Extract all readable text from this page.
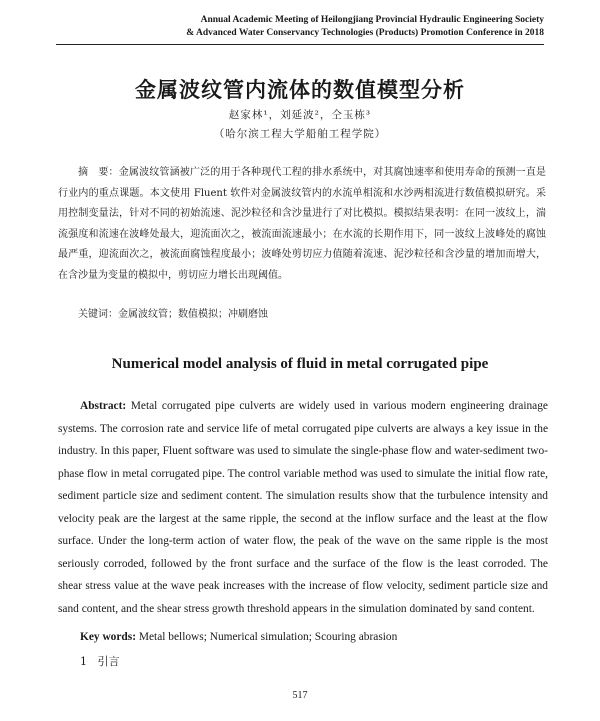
Annual Academic Meeting of Heilongjiang Provincial Hydraulic Engineering Society
& Advanced Water Conservancy Technologies (Products) Promotion Conference in 2018
金属波纹管内流体的数值模型分析
赵家林¹，刘延波²，仝玉栋³
（哈尔滨工程大学船舶工程学院）
摘　要：金属波纹管涵被广泛的用于各种现代工程的排水系统中，对其腐蚀速率和使用寿命的预测一直是行业内的重点课题。本文使用 Fluent 软件对金属波纹管内的水流单相流和水沙两相流进行数值模拟研究。采用控制变量法，针对不同的初始流速、泥沙粒径和含沙量进行了对比模拟。模拟结果表明：在同一波纹上，湍流强度和流速在波峰处最大，迎流面次之，被流面流速最小；在水流的长期作用下，同一波纹上波峰处的腐蚀最严重，迎流面次之，被流面腐蚀程度最小；波峰处剪切应力值随着流速、泥沙粒径和含沙量的增加而增大，在含沙量为变量的模拟中，剪切应力增长出现阈值。
关键词：金属波纹管；数值模拟；冲刷磨蚀
Numerical model analysis of fluid in metal corrugated pipe
Abstract: Metal corrugated pipe culverts are widely used in various modern engineering drainage systems. The corrosion rate and service life of metal corrugated pipe culverts are always a key issue in the industry. In this paper, Fluent software was used to simulate the single-phase flow and water-sediment two-phase flow in metal corrugated pipe. The control variable method was used to simulate the initial flow rate, sediment particle size and sediment content. The simulation results show that the turbulence intensity and velocity peak are the largest at the same ripple, the second at the inflow surface and the least at the flow surface. Under the long-term action of water flow, the peak of the wave on the same ripple is the most seriously corroded, followed by the front surface and the surface of the flow is the least corroded. The shear stress value at the wave peak increases with the increase of flow velocity, sediment particle size and sand content, and the shear stress growth threshold appears in the simulation dominated by sand content.
Key words: Metal bellows; Numerical simulation; Scouring abrasion
1 引言
517
